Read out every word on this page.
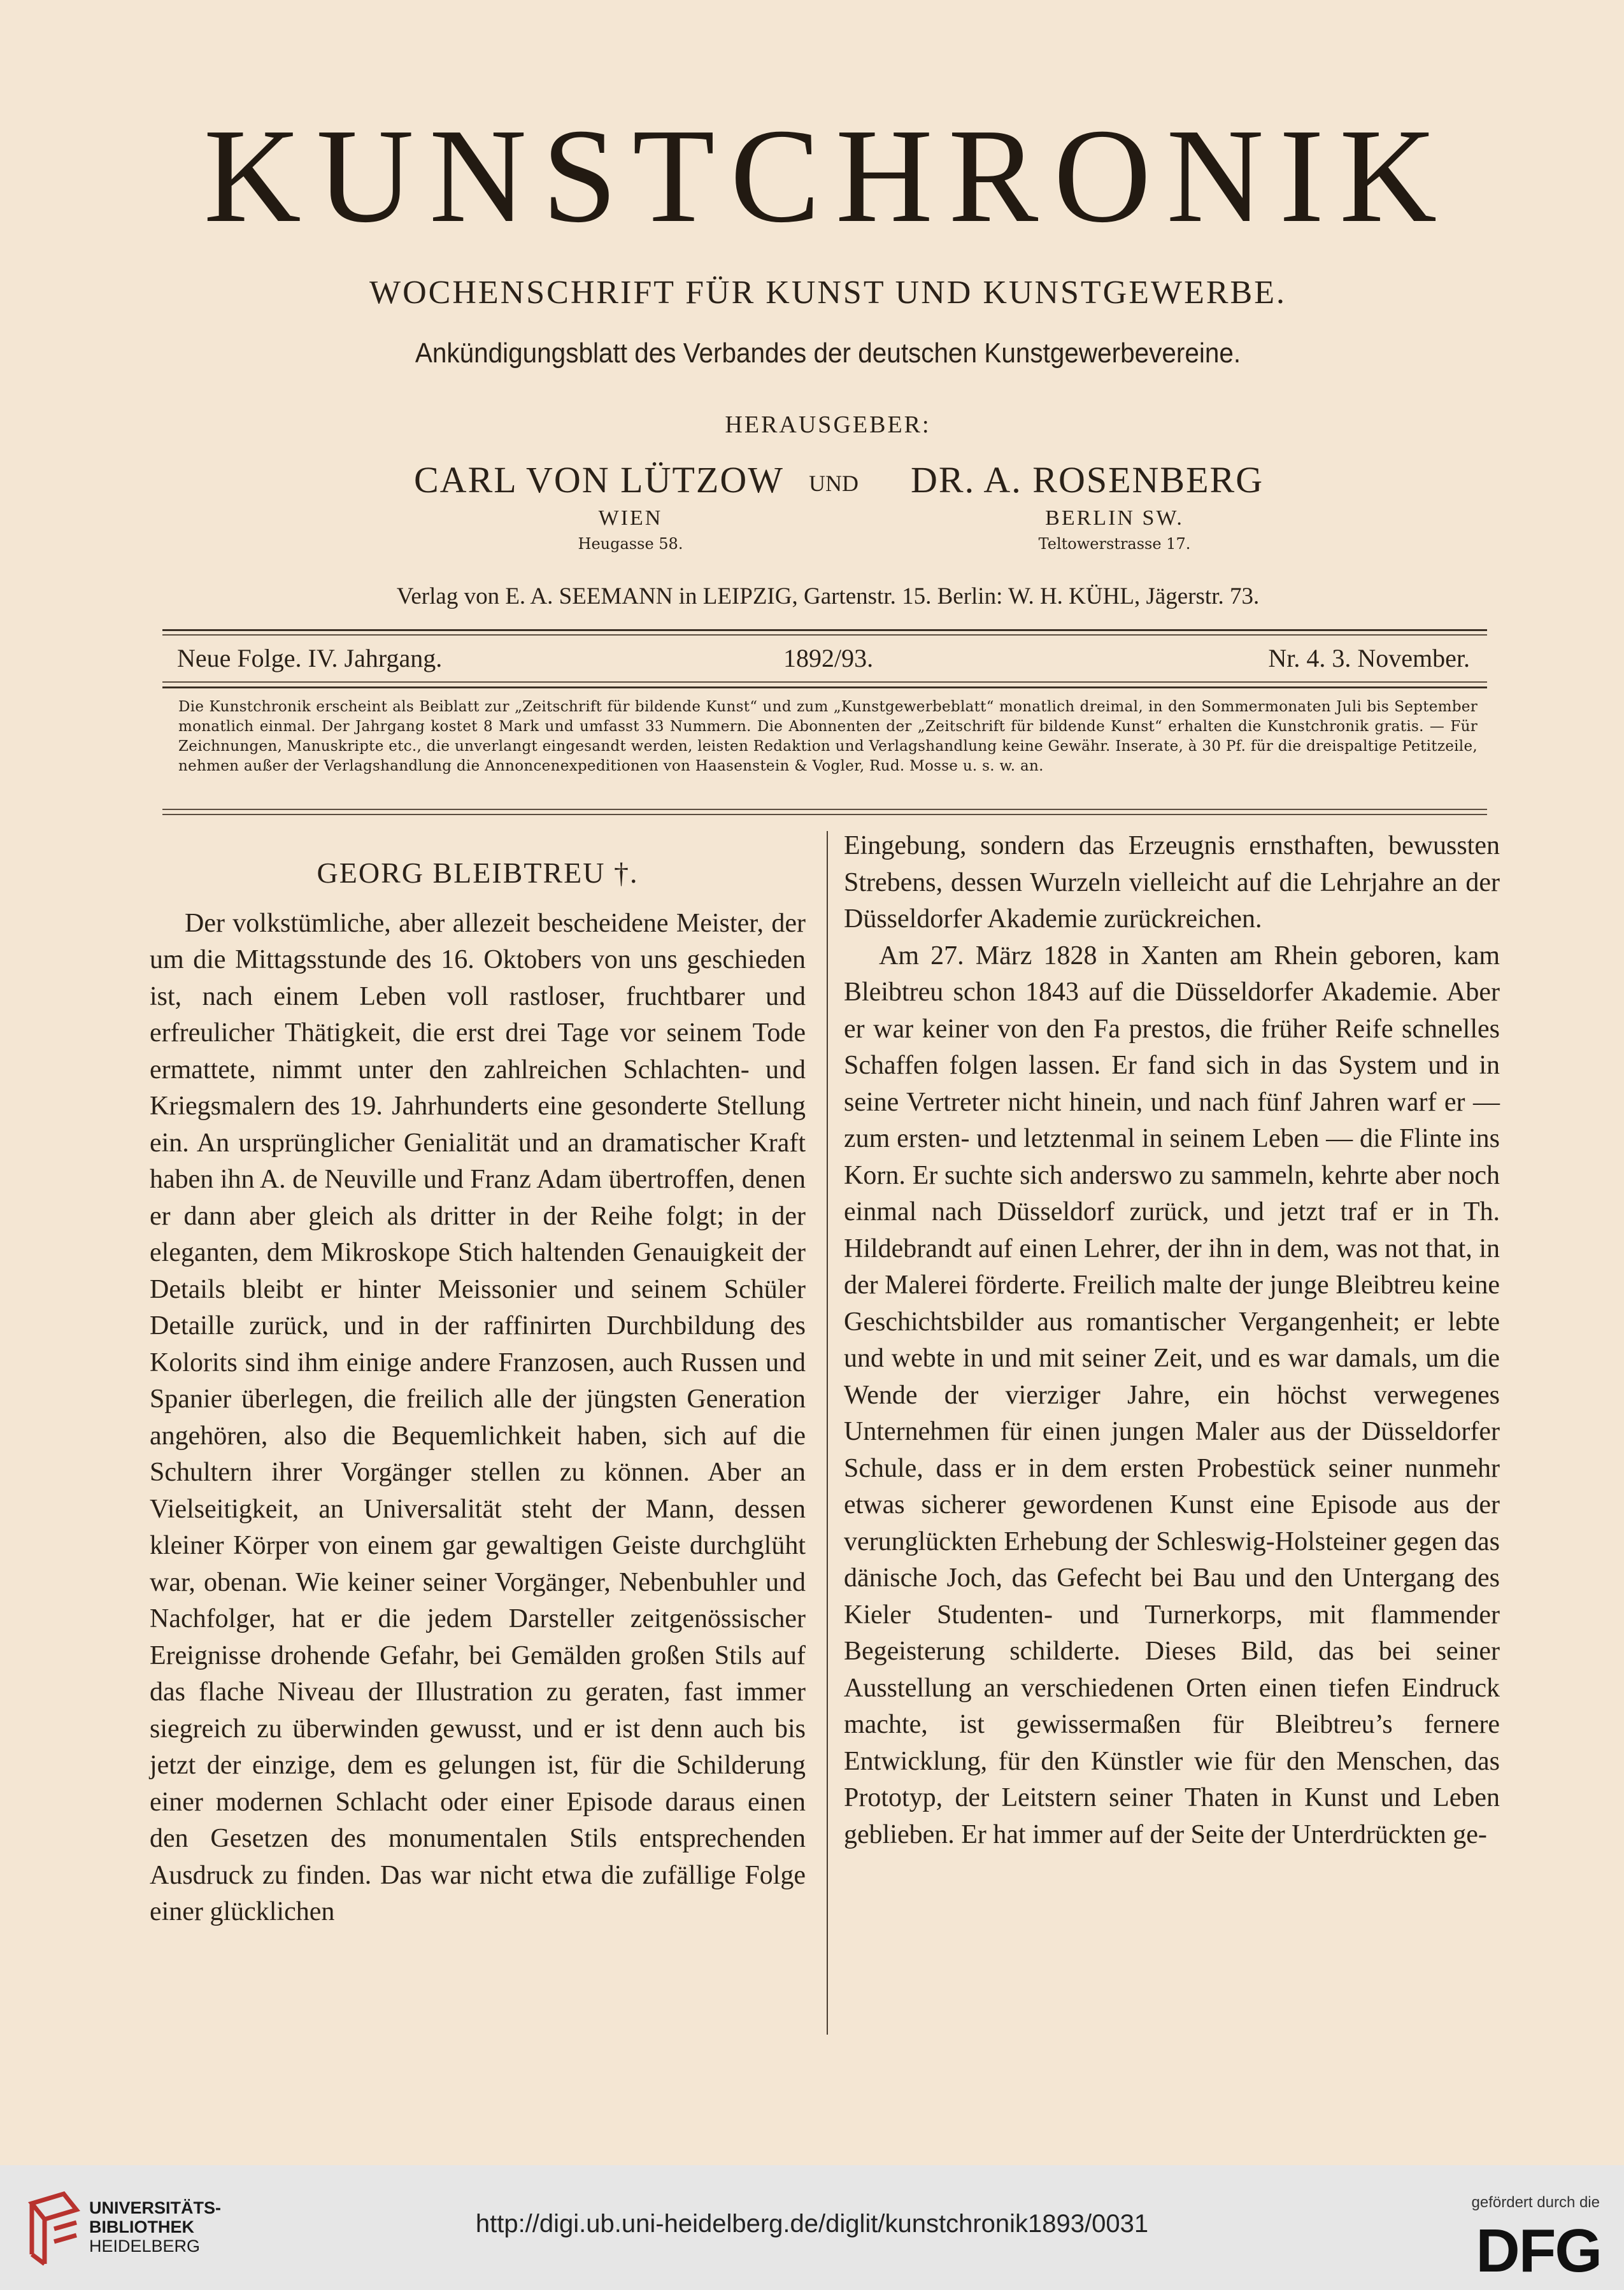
KUNSTCHRONIK
WOCHENSCHRIFT FÜR KUNST UND KUNSTGEWERBE.
Ankündigungsblatt des Verbandes der deutschen Kunstgewerbevereine.
HERAUSGEBER:
CARL VON LÜTZOW UND DR. A. ROSENBERG
WIEN	BERLIN SW.
Heugasse 58.	Teltowerstrasse 17.
Verlag von E. A. SEEMANN in LEIPZIG, Gartenstr. 15. Berlin: W. H. KÜHL, Jägerstr. 73.
Neue Folge. IV. Jahrgang.	1892/93.	Nr. 4. 3. November.
Die Kunstchronik erscheint als Beiblatt zur „Zeitschrift für bildende Kunst“ und zum „Kunstgewerbeblatt“ monatlich dreimal, in den Sommermonaten Juli bis September monatlich einmal. Der Jahrgang kostet 8 Mark und umfasst 33 Nummern. Die Abonnenten der „Zeitschrift für bildende Kunst“ erhalten die Kunstchronik gratis. — Für Zeichnungen, Manuskripte etc., die unverlangt eingesandt werden, leisten Redaktion und Verlagshandlung keine Gewähr. Inserate, à 30 Pf. für die dreispaltige Petitzeile, nehmen außer der Verlagshandlung die Annoncenexpeditionen von Haasenstein & Vogler, Rud. Mosse u. s. w. an.
GEORG BLEIBTREU †.

Der volkstümliche, aber allezeit bescheidene Meister, der um die Mittagsstunde des 16. Oktobers von uns geschieden ist, nach einem Leben voll rastloser, fruchtbarer und erfreulicher Thätigkeit, die erst drei Tage vor seinem Tode ermattete, nimmt unter den zahlreichen Schlachten- und Kriegsmalern des 19. Jahrhunderts eine gesonderte Stellung ein. An ursprünglicher Genialität und an dramatischer Kraft haben ihn A. de Neuville und Franz Adam übertroffen, denen er dann aber gleich als dritter in der Reihe folgt; in der eleganten, dem Mikroskope Stich haltenden Genauigkeit der Details bleibt er hinter Meissonier und seinem Schüler Detaille zurück, und in der raffinirten Durchbildung des Kolorits sind ihm einige andere Franzosen, auch Russen und Spanier überlegen, die freilich alle der jüngsten Generation angehören, also die Bequemlichkeit haben, sich auf die Schultern ihrer Vorgänger stellen zu können. Aber an Vielseitigkeit, an Universalität steht der Mann, dessen kleiner Körper von einem gar gewaltigen Geiste durchglüht war, obenan. Wie keiner seiner Vorgänger, Nebenbuhler und Nachfolger, hat er die jedem Darsteller zeitgenössischer Ereignisse drohende Gefahr, bei Gemälden großen Stils auf das flache Niveau der Illustration zu geraten, fast immer siegreich zu überwinden gewusst, und er ist denn auch bis jetzt der einzige, dem es gelungen ist, für die Schilderung einer modernen Schlacht oder einer Episode daraus einen den Gesetzen des monumentalen Stils entsprechenden Ausdruck zu finden. Das war nicht etwa die zufällige Folge einer glücklichen

Eingebung, sondern das Erzeugnis ernsthaften, bewussten Strebens, dessen Wurzeln vielleicht auf die Lehrjahre an der Düsseldorfer Akademie zurückreichen.

Am 27. März 1828 in Xanten am Rhein geboren, kam Bleibtreu schon 1843 auf die Düsseldorfer Akademie. Aber er war keiner von den Fa prestos, die früher Reife schnelles Schaffen folgen lassen. Er fand sich in das System und in seine Vertreter nicht hinein, und nach fünf Jahren warf er — zum ersten- und letztenmal in seinem Leben — die Flinte ins Korn. Er suchte sich anderswo zu sammeln, kehrte aber noch einmal nach Düsseldorf zurück, und jetzt traf er in Th. Hildebrandt auf einen Lehrer, der ihn in dem, was not that, in der Malerei förderte. Freilich malte der junge Bleibtreu keine Geschichtsbilder aus romantischer Vergangenheit; er lebte und webte in und mit seiner Zeit, und es war damals, um die Wende der vierziger Jahre, ein höchst verwegenes Unternehmen für einen jungen Maler aus der Düsseldorfer Schule, dass er in dem ersten Probestück seiner nunmehr etwas sicherer gewordenen Kunst eine Episode aus der verunglückten Erhebung der Schleswig-Holsteiner gegen das dänische Joch, das Gefecht bei Bau und den Untergang des Kieler Studenten- und Turnerkorps, mit flammender Begeisterung schilderte. Dieses Bild, das bei seiner Ausstellung an verschiedenen Orten einen tiefen Eindruck machte, ist gewissermaßen für Bleibtreu’s fernere Entwicklung, für den Künstler wie für den Menschen, das Prototyp, der Leitstern seiner Thaten in Kunst und Leben geblieben. Er hat immer auf der Seite der Unterdrückten ge-

UNIVERSITÄTS-
BIBLIOTHEK
HEIDELBERG
http://digi.ub.uni-heidelberg.de/diglit/kunstchronik1893/0031
gefördert durch die
DFG
